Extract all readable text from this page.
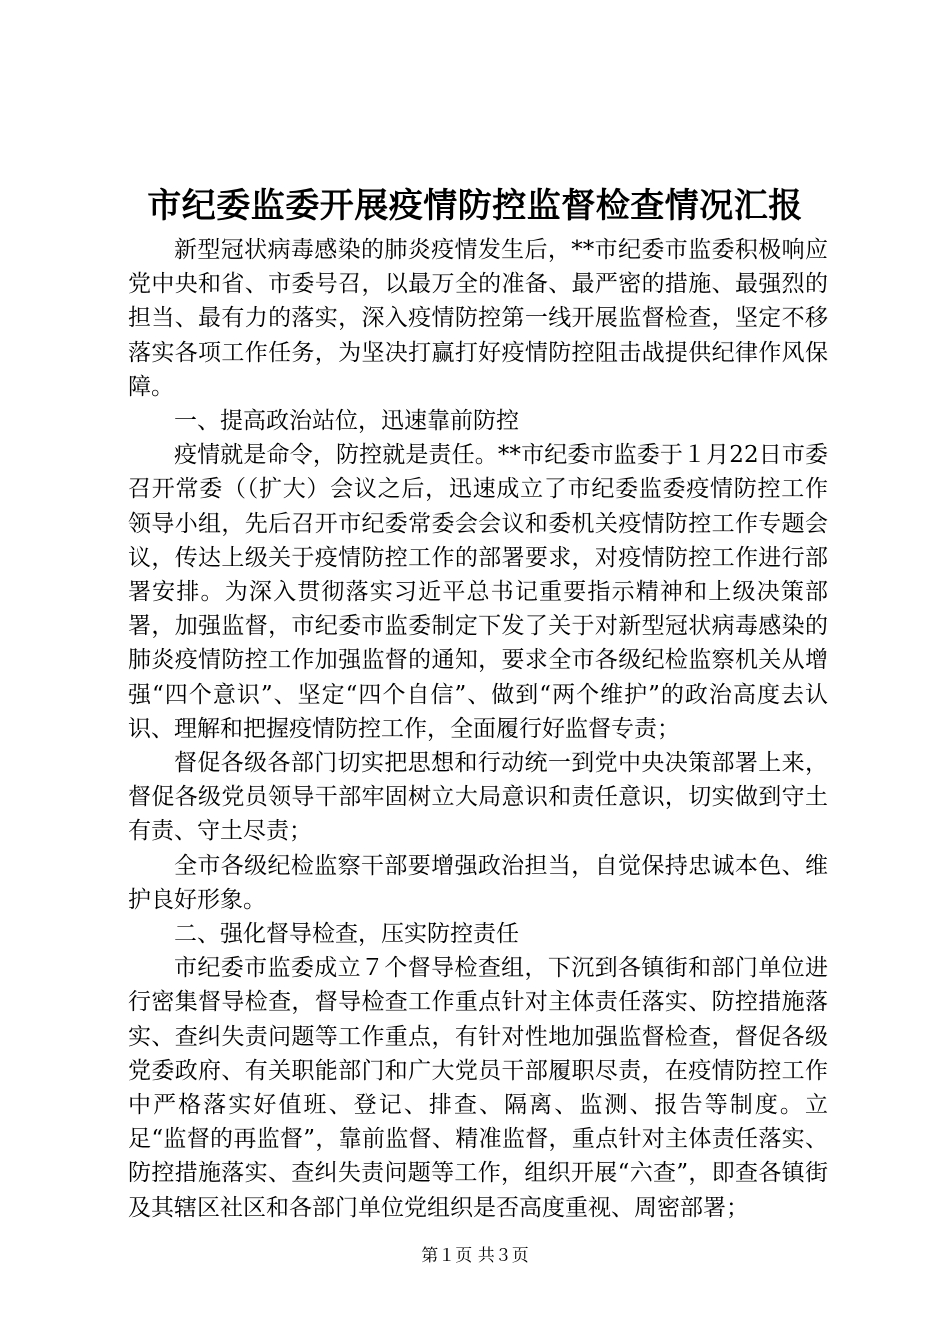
市纪委监委开展疫情防控监督检查情况汇报

新型冠状病毒感染的肺炎疫情发生后，**市纪委市监委积极响应党中央和省、市委号召，以最万全的准备、最严密的措施、最强烈的担当、最有力的落实，深入疫情防控第一线开展监督检查，坚定不移落实各项工作任务，为坚决打赢打好疫情防控阻击战提供纪律作风保障。

一、提高政治站位，迅速靠前防控

疫情就是命令，防控就是责任。**市纪委市监委于１月22日市委召开常委（（扩大）会议之后，迅速成立了市纪委监委疫情防控工作领导小组，先后召开市纪委常委会会议和委机关疫情防控工作专题会议，传达上级关于疫情防控工作的部署要求，对疫情防控工作进行部署安排。为深入贯彻落实习近平总书记重要指示精神和上级决策部署，加强监督，市纪委市监委制定下发了关于对新型冠状病毒感染的肺炎疫情防控工作加强监督的通知，要求全市各级纪检监察机关从增强“四个意识”、坚定“四个自信”、做到“两个维护”的政治高度去认识、理解和把握疫情防控工作，全面履行好监督专责；

督促各级各部门切实把思想和行动统一到党中央决策部署上来，督促各级党员领导干部牢固树立大局意识和责任意识，切实做到守土有责、守土尽责；

全市各级纪检监察干部要增强政治担当，自觉保持忠诚本色、维护良好形象。

二、强化督导检查，压实防控责任

市纪委市监委成立７个督导检查组，下沉到各镇街和部门单位进行密集督导检查，督导检查工作重点针对主体责任落实、防控措施落实、查纠失责问题等工作重点，有针对性地加强监督检查，督促各级党委政府、有关职能部门和广大党员干部履职尽责，在疫情防控工作中严格落实好值班、登记、排查、隔离、监测、报告等制度。立足“监督的再监督”，靠前监督、精准监督，重点针对主体责任落实、防控措施落实、查纠失责问题等工作，组织开展“六查”，即查各镇街及其辖区社区和各部门单位党组织是否高度重视、周密部署；

第１页 共３页
